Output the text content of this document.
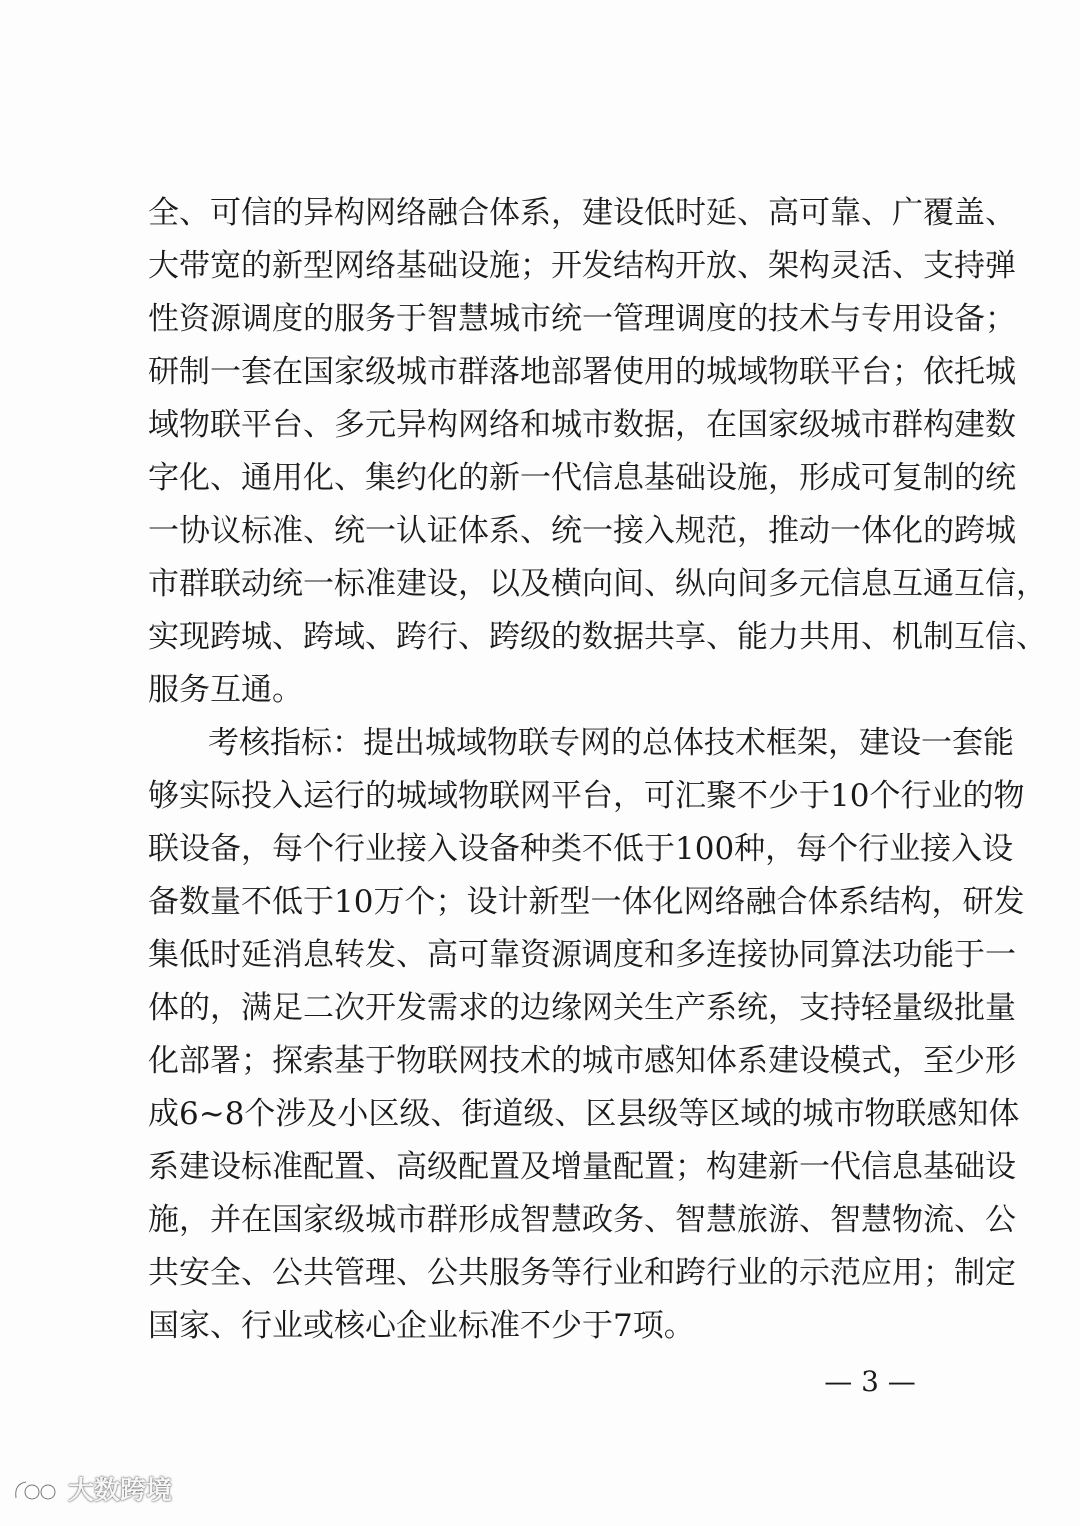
全、可信的异构网络融合体系，建设低时延、高可靠、广覆盖、
大带宽的新型网络基础设施；开发结构开放、架构灵活、支持弹
性资源调度的服务于智慧城市统一管理调度的技术与专用设备；
研制一套在国家级城市群落地部署使用的城域物联平台；依托城
域物联平台、多元异构网络和城市数据，在国家级城市群构建数
字化、通用化、集约化的新一代信息基础设施，形成可复制的统
一协议标准、统一认证体系、统一接入规范，推动一体化的跨城
市群联动统一标准建设，以及横向间、纵向间多元信息互通互信，
实现跨城、跨域、跨行、跨级的数据共享、能力共用、机制互信、
服务互通。
考核指标：提出城域物联专网的总体技术框架，建设一套能
够实际投入运行的城域物联网平台，可汇聚不少于10个行业的物
联设备，每个行业接入设备种类不低于100种，每个行业接入设
备数量不低于10万个；设计新型一体化网络融合体系结构，研发
集低时延消息转发、高可靠资源调度和多连接协同算法功能于一
体的，满足二次开发需求的边缘网关生产系统，支持轻量级批量
化部署；探索基于物联网技术的城市感知体系建设模式，至少形
成6~8个涉及小区级、街道级、区县级等区域的城市物联感知体
系建设标准配置、高级配置及增量配置；构建新一代信息基础设
施，并在国家级城市群形成智慧政务、智慧旅游、智慧物流、公
共安全、公共管理、公共服务等行业和跨行业的示范应用；制定
国家、行业或核心企业标准不少于7项。
— 3 —
大数跨境
